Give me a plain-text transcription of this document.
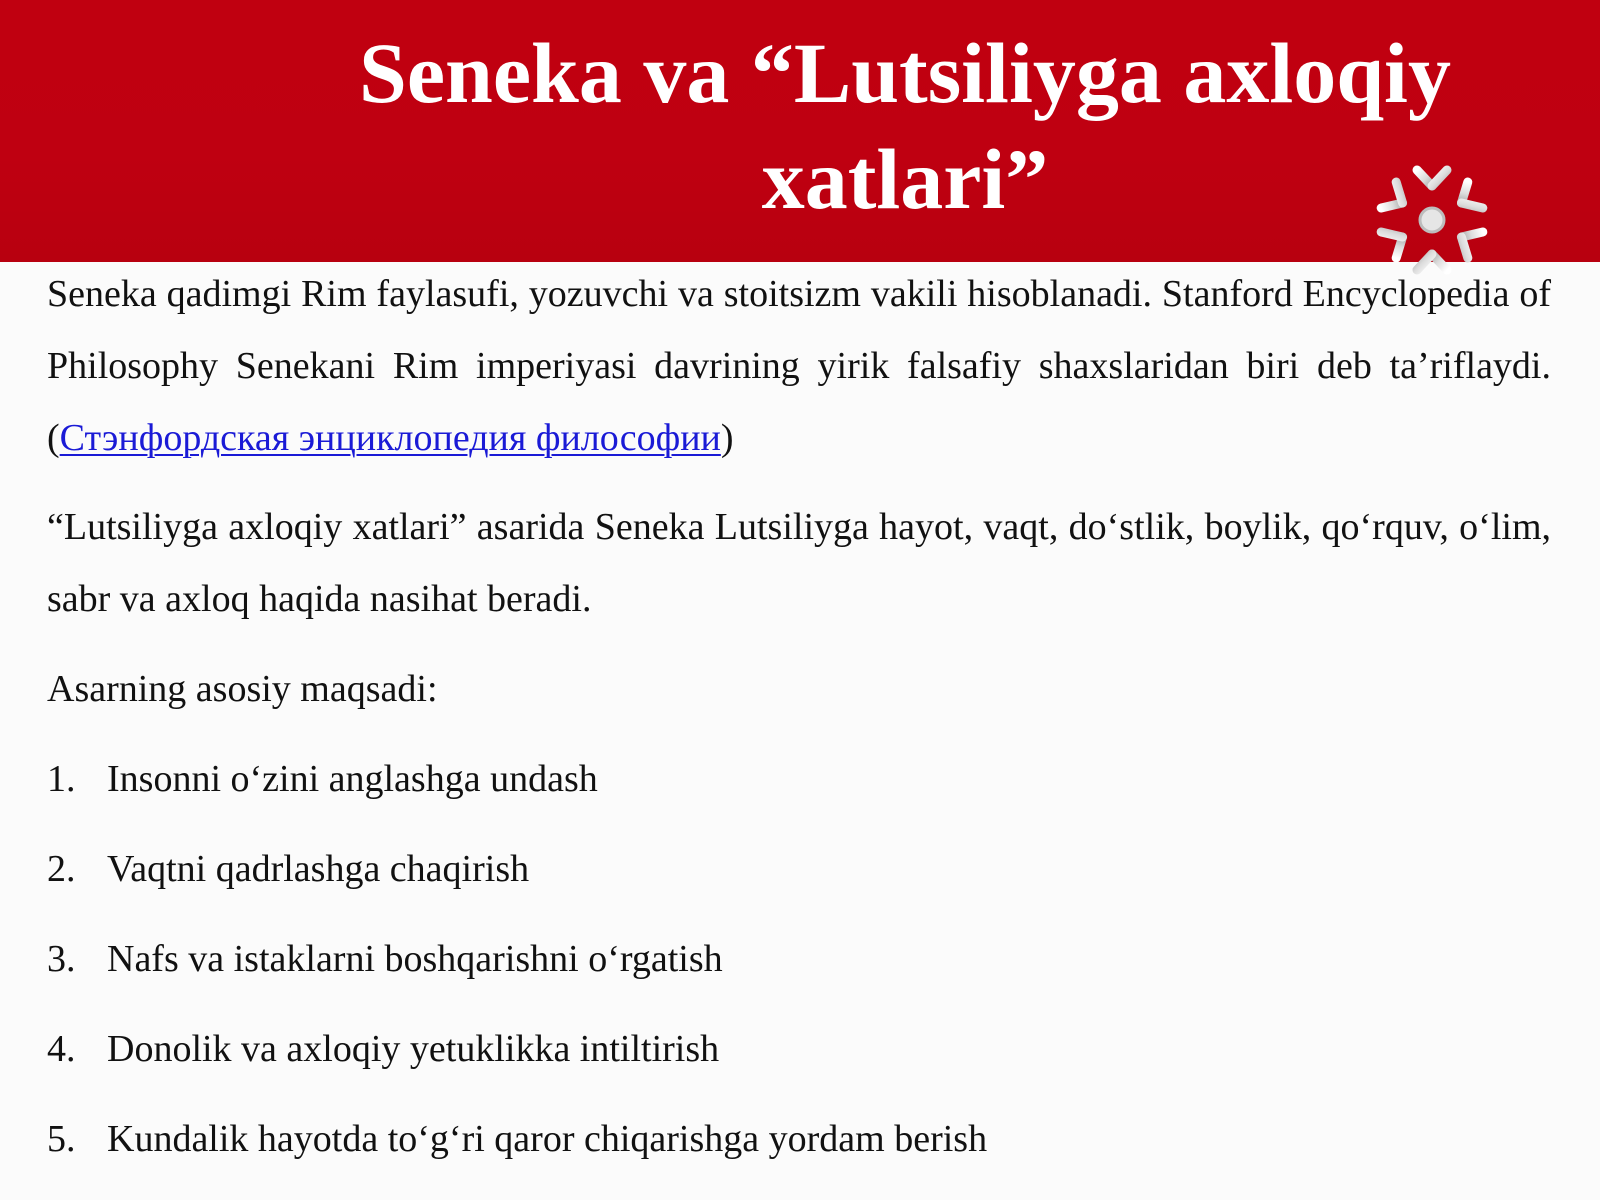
Seneka va “Lutsiliyga axloqiy xatlari”

Seneka qadimgi Rim faylasufi, yozuvchi va stoitsizm vakili hisoblanadi. Stanford Encyclopedia of Philosophy Senekani Rim imperiyasi davrining yirik falsafiy shaxslaridan biri deb ta’riflaydi. (Стэнфордская энциклопедия философии)

“Lutsiliyga axloqiy xatlari” asarida Seneka Lutsiliyga hayot, vaqt, do‘stlik, boylik, qo‘rquv, o‘lim, sabr va axloq haqida nasihat beradi.

Asarning asosiy maqsadi:

1. Insonni o‘zini anglashga undash
2. Vaqtni qadrlashga chaqirish
3. Nafs va istaklarni boshqarishni o‘rgatish
4. Donolik va axloqiy yetuklikka intiltirish
5. Kundalik hayotda to‘g‘ri qaror chiqarishga yordam berish
